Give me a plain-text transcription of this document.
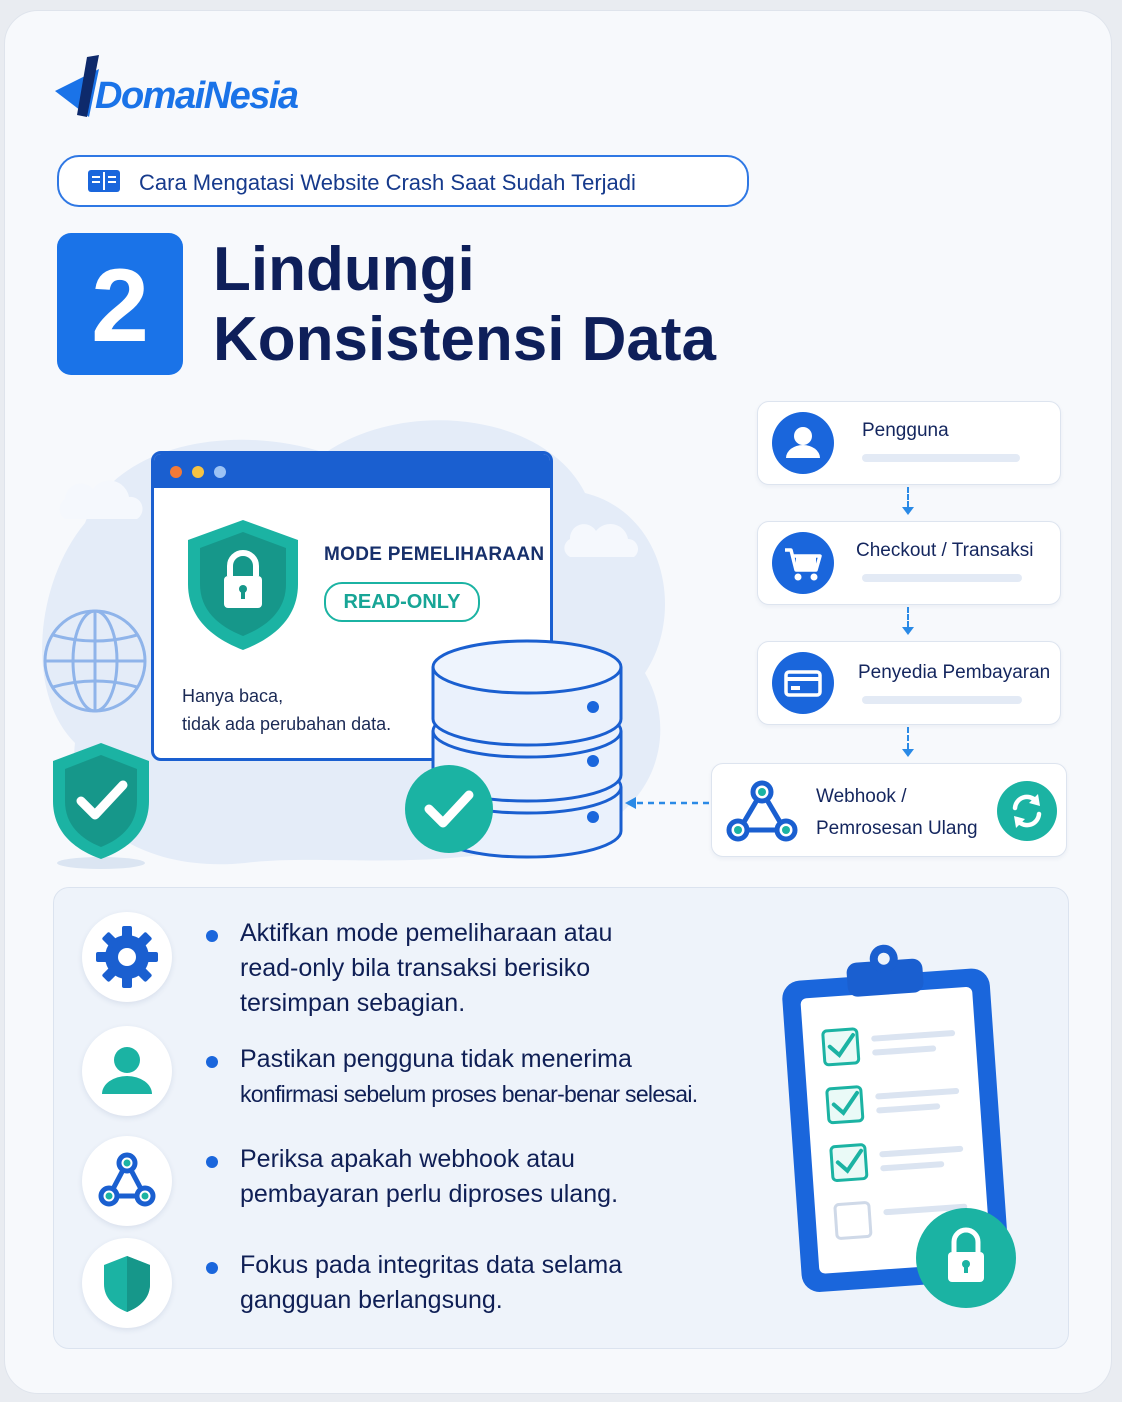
DomaiNesia
Cara Mengatasi Website Crash Saat Sudah Terjadi
2	Lindungi
Konsistensi Data
MODE PEMELIHARAAN
READ-ONLY
Hanya baca,
tidak ada perubahan data.
Pengguna
Checkout / Transaksi
Penyedia Pembayaran
Webhook /
Pemrosesan Ulang
Aktifkan mode pemeliharaan atau
read-only bila transaksi berisiko
tersimpan sebagian.
Pastikan pengguna tidak menerima
konfirmasi sebelum proses benar-benar selesai.
Periksa apakah webhook atau
pembayaran perlu diproses ulang.
Fokus pada integritas data selama
gangguan berlangsung.
